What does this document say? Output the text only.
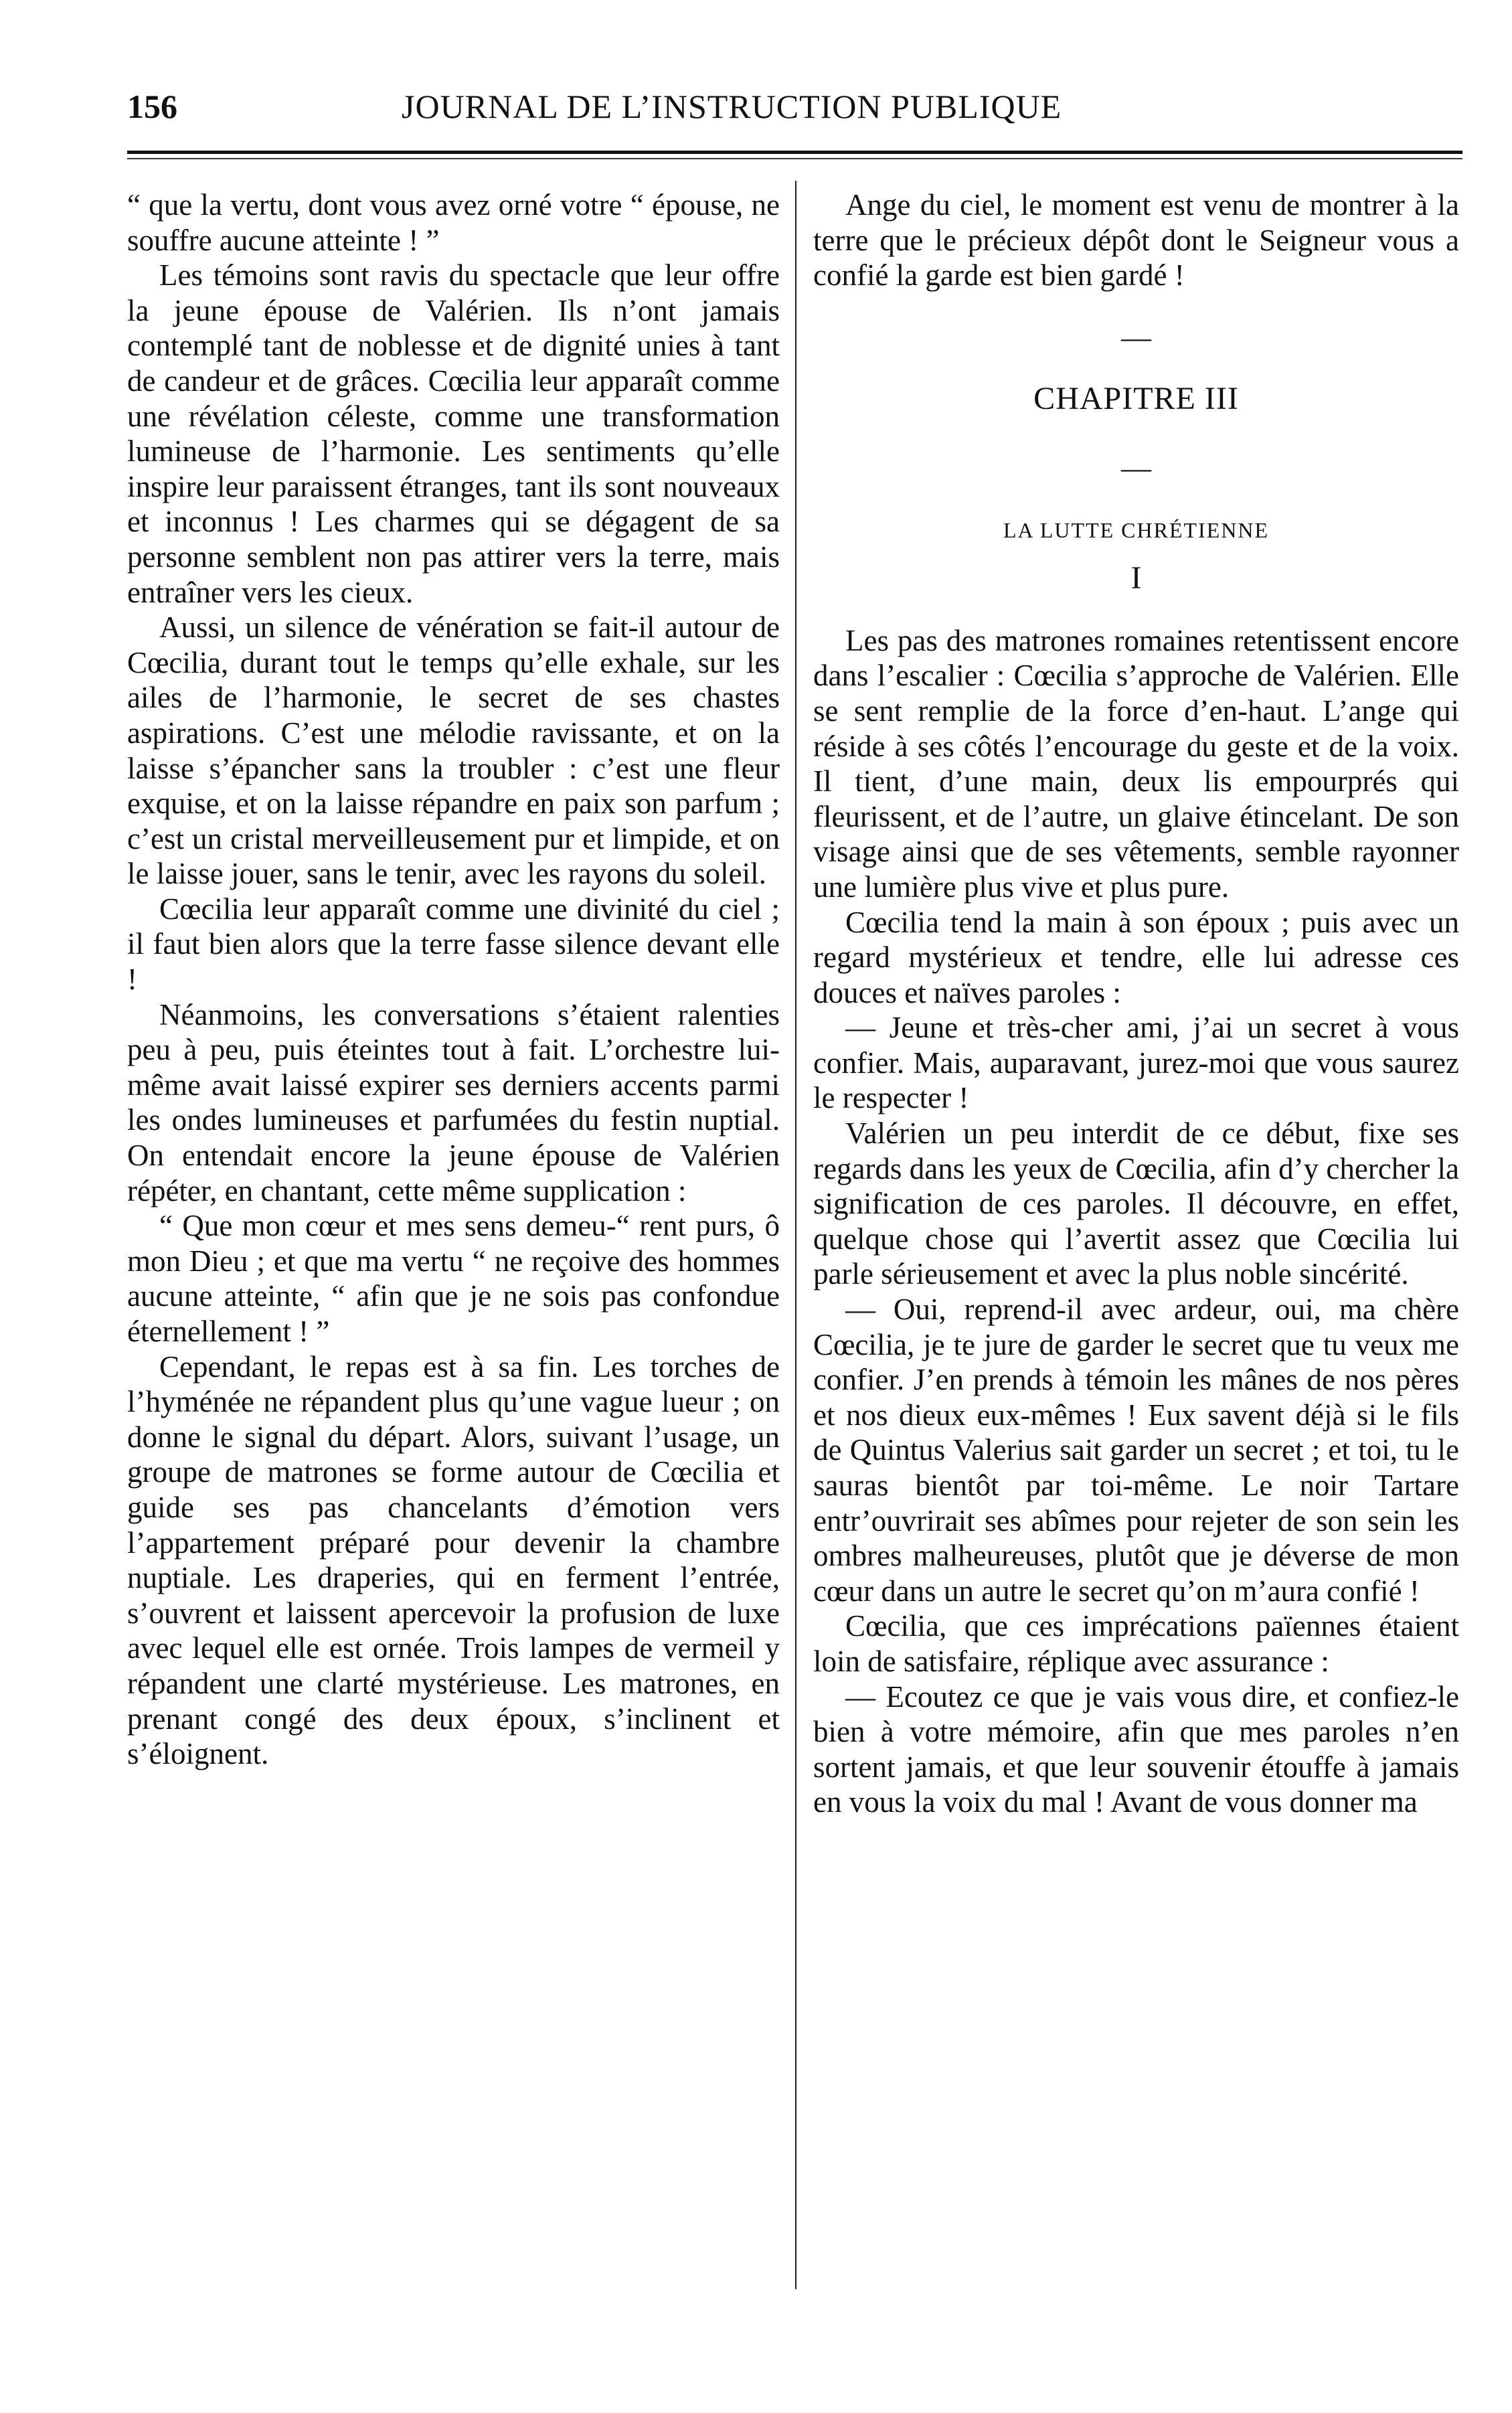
156	JOURNAL DE L’INSTRUCTION PUBLIQUE

“ que la vertu, dont vous avez orné votre “ épouse, ne souffre aucune atteinte ! ”

Les témoins sont ravis du spectacle que leur offre la jeune épouse de Valérien. Ils n’ont jamais contemplé tant de noblesse et de dignité unies à tant de candeur et de grâces. Cœcilia leur apparaît comme une révélation céleste, comme une transformation lumineuse de l’harmonie. Les sentiments qu’elle inspire leur paraissent étranges, tant ils sont nouveaux et inconnus ! Les charmes qui se dégagent de sa personne semblent non pas attirer vers la terre, mais entraîner vers les cieux.

Aussi, un silence de vénération se fait-il autour de Cœcilia, durant tout le temps qu’elle exhale, sur les ailes de l’harmonie, le secret de ses chastes aspirations. C’est une mélodie ravissante, et on la laisse s’épancher sans la troubler : c’est une fleur exquise, et on la laisse répandre en paix son parfum ; c’est un cristal merveilleusement pur et limpide, et on le laisse jouer, sans le tenir, avec les rayons du soleil.

Cœcilia leur apparaît comme une divinité du ciel ; il faut bien alors que la terre fasse silence devant elle !

Néanmoins, les conversations s’étaient ralenties peu à peu, puis éteintes tout à fait. L’orchestre lui-même avait laissé expirer ses derniers accents parmi les ondes lumineuses et parfumées du festin nuptial. On entendait encore la jeune épouse de Valérien répéter, en chantant, cette même supplication :

“ Que mon cœur et mes sens demeu-“ rent purs, ô mon Dieu ; et que ma vertu “ ne reçoive des hommes aucune atteinte, “ afin que je ne sois pas confondue éternellement ! ”

Cependant, le repas est à sa fin. Les torches de l’hyménée ne répandent plus qu’une vague lueur ; on donne le signal du départ. Alors, suivant l’usage, un groupe de matrones se forme autour de Cœcilia et guide ses pas chancelants d’émotion vers l’appartement préparé pour devenir la chambre nuptiale. Les draperies, qui en ferment l’entrée, s’ouvrent et laissent apercevoir la profusion de luxe avec lequel elle est ornée. Trois lampes de vermeil y répandent une clarté mystérieuse. Les matrones, en prenant congé des deux époux, s’inclinent et s’éloignent.

Ange du ciel, le moment est venu de montrer à la terre que le précieux dépôt dont le Seigneur vous a confié la garde est bien gardé !

—

CHAPITRE III

—

LA LUTTE CHRÉTIENNE

I

Les pas des matrones romaines retentissent encore dans l’escalier : Cœcilia s’approche de Valérien. Elle se sent remplie de la force d’en-haut. L’ange qui réside à ses côtés l’encourage du geste et de la voix. Il tient, d’une main, deux lis empourprés qui fleurissent, et de l’autre, un glaive étincelant. De son visage ainsi que de ses vêtements, semble rayonner une lumière plus vive et plus pure.

Cœcilia tend la main à son époux ; puis avec un regard mystérieux et tendre, elle lui adresse ces douces et naïves paroles :

— Jeune et très-cher ami, j’ai un secret à vous confier. Mais, auparavant, jurez-moi que vous saurez le respecter !

Valérien un peu interdit de ce début, fixe ses regards dans les yeux de Cœcilia, afin d’y chercher la signification de ces paroles. Il découvre, en effet, quelque chose qui l’avertit assez que Cœcilia lui parle sérieusement et avec la plus noble sincérité.

— Oui, reprend-il avec ardeur, oui, ma chère Cœcilia, je te jure de garder le secret que tu veux me confier. J’en prends à témoin les mânes de nos pères et nos dieux eux-mêmes ! Eux savent déjà si le fils de Quintus Valerius sait garder un secret ; et toi, tu le sauras bientôt par toi-même. Le noir Tartare entr’ouvrirait ses abîmes pour rejeter de son sein les ombres malheureuses, plutôt que je déverse de mon cœur dans un autre le secret qu’on m’aura confié !

Cœcilia, que ces imprécations païennes étaient loin de satisfaire, réplique avec assurance :

— Ecoutez ce que je vais vous dire, et confiez-le bien à votre mémoire, afin que mes paroles n’en sortent jamais, et que leur souvenir étouffe à jamais en vous la voix du mal ! Avant de vous donner ma
